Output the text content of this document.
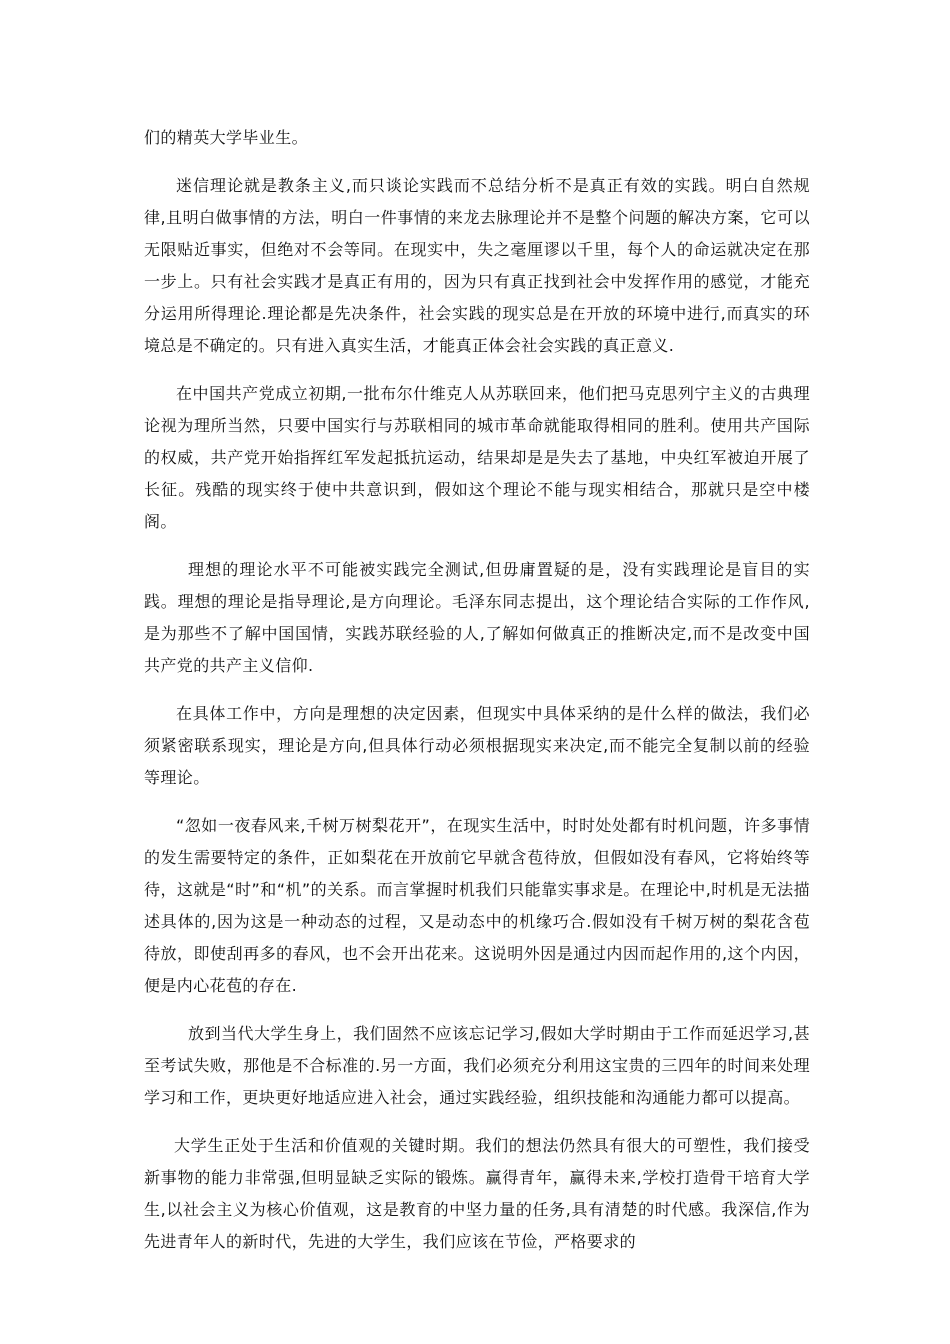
们的精英大学毕业生。

迷信理论就是教条主义,而只谈论实践而不总结分析不是真正有效的实践。明白自然规律,且明白做事情的方法，明白一件事情的来龙去脉理论并不是整个问题的解决方案，它可以无限贴近事实，但绝对不会等同。在现实中，失之毫厘谬以千里，每个人的命运就决定在那一步上。只有社会实践才是真正有用的，因为只有真正找到社会中发挥作用的感觉，才能充分运用所得理论.理论都是先决条件，社会实践的现实总是在开放的环境中进行,而真实的环境总是不确定的。只有进入真实生活，才能真正体会社会实践的真正意义.

在中国共产党成立初期,一批布尔什维克人从苏联回来，他们把马克思列宁主义的古典理论视为理所当然，只要中国实行与苏联相同的城市革命就能取得相同的胜利。使用共产国际的权威，共产党开始指挥红军发起抵抗运动，结果却是是失去了基地，中央红军被迫开展了长征。残酷的现实终于使中共意识到，假如这个理论不能与现实相结合，那就只是空中楼阁。

理想的理论水平不可能被实践完全测试,但毋庸置疑的是，没有实践理论是盲目的实践。理想的理论是指导理论,是方向理论。毛泽东同志提出，这个理论结合实际的工作作风,是为那些不了解中国国情，实践苏联经验的人,了解如何做真正的推断决定,而不是改变中国共产党的共产主义信仰.

在具体工作中，方向是理想的决定因素，但现实中具体采纳的是什么样的做法，我们必须紧密联系现实，理论是方向,但具体行动必须根据现实来决定,而不能完全复制以前的经验等理论。

“忽如一夜春风来,千树万树梨花开”，在现实生活中，时时处处都有时机问题，许多事情的发生需要特定的条件，正如梨花在开放前它早就含苞待放，但假如没有春风，它将始终等待，这就是“时”和“机”的关系。而言掌握时机我们只能靠实事求是。在理论中,时机是无法描述具体的,因为这是一种动态的过程，又是动态中的机缘巧合.假如没有千树万树的梨花含苞待放，即使刮再多的春风，也不会开出花来。这说明外因是通过内因而起作用的,这个内因，便是内心花苞的存在.

放到当代大学生身上，我们固然不应该忘记学习,假如大学时期由于工作而延迟学习,甚至考试失败，那他是不合标准的.另一方面，我们必须充分利用这宝贵的三四年的时间来处理学习和工作，更块更好地适应进入社会，通过实践经验，组织技能和沟通能力都可以提高。

大学生正处于生活和价值观的关键时期。我们的想法仍然具有很大的可塑性，我们接受新事物的能力非常强,但明显缺乏实际的锻炼。赢得青年，赢得未来,学校打造骨干培育大学生,以社会主义为核心价值观，这是教育的中坚力量的任务,具有清楚的时代感。我深信,作为先进青年人的新时代，先进的大学生，我们应该在节俭，严格要求的
